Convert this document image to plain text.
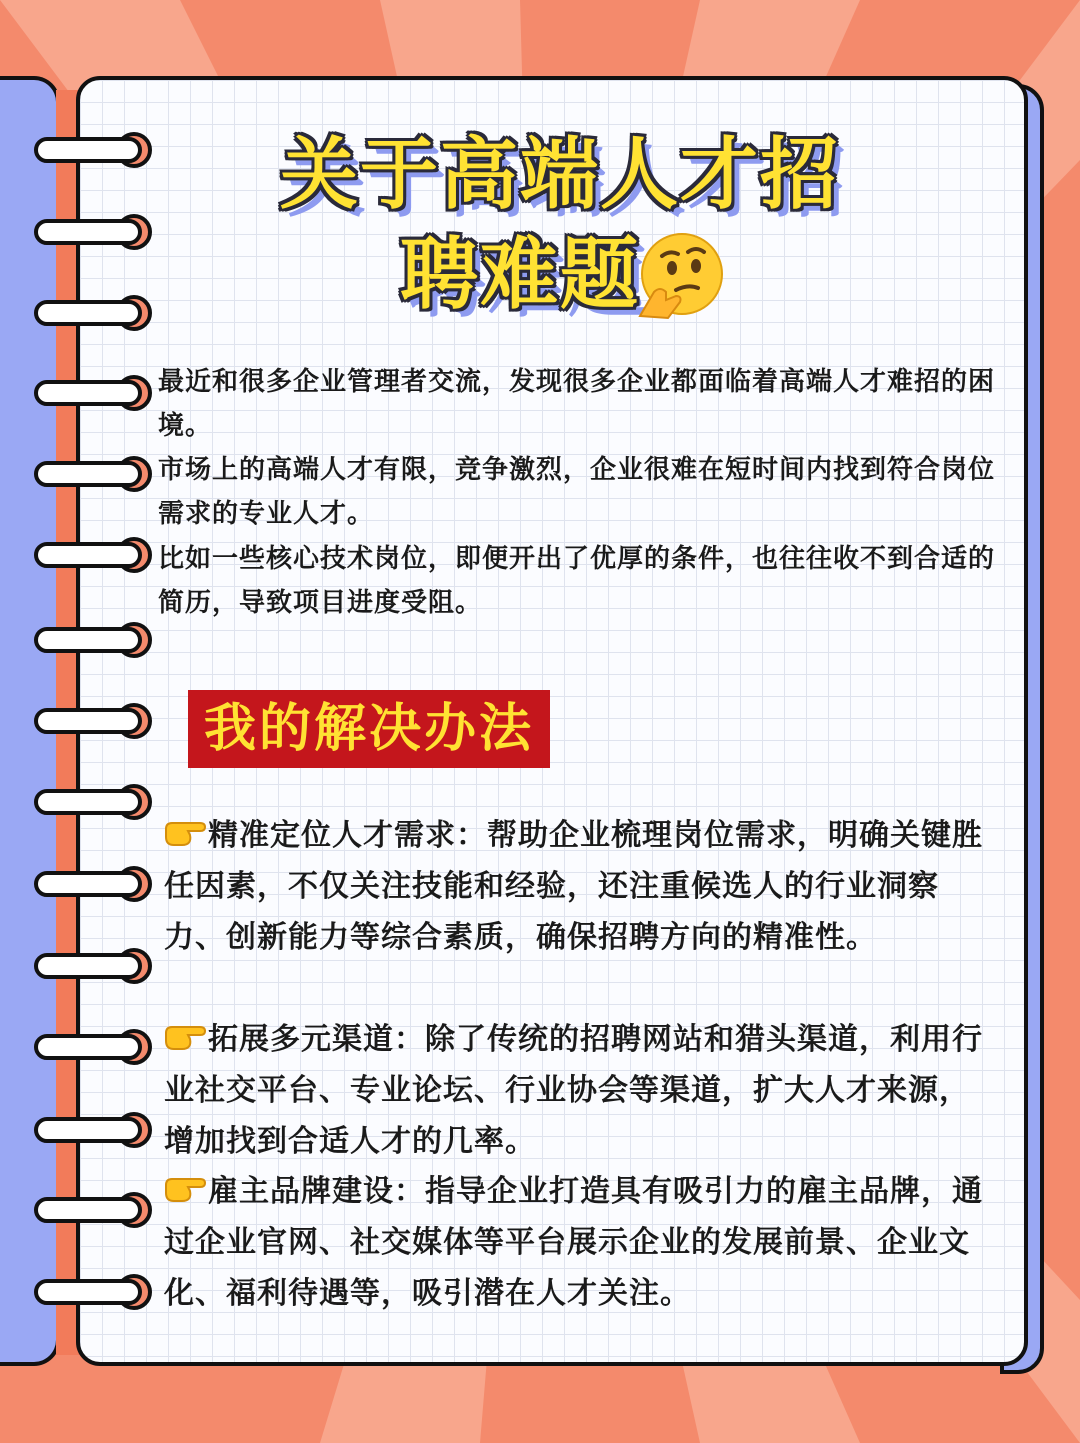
关于高端人才招
聘难题
最近和很多企业管理者交流，发现很多企业都面临着高端人才难招的困境。
市场上的高端人才有限，竞争激烈，企业很难在短时间内找到符合岗位需求的专业人才。
比如一些核心技术岗位，即便开出了优厚的条件，也往往收不到合适的简历，导致项目进度受阻。
我的解决办法
精准定位人才需求：帮助企业梳理岗位需求，明确关键胜任因素，不仅关注技能和经验，还注重候选人的行业洞察力、创新能力等综合素质，确保招聘方向的精准性。
拓展多元渠道：除了传统的招聘网站和猎头渠道，利用行业社交平台、专业论坛、行业协会等渠道，扩大人才来源，增加找到合适人才的几率。
雇主品牌建设：指导企业打造具有吸引力的雇主品牌，通过企业官网、社交媒体等平台展示企业的发展前景、企业文化、福利待遇等，吸引潜在人才关注。
